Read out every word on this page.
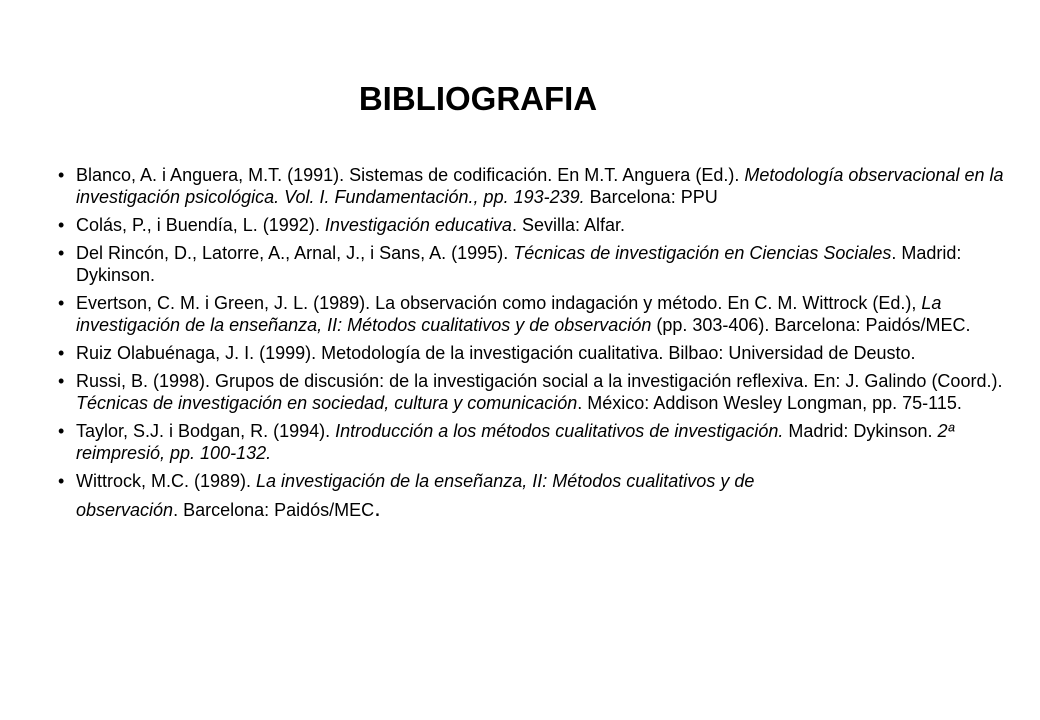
BIBLIOGRAFIA
• Blanco, A. i Anguera, M.T. (1991). Sistemas de codificación. En M.T. Anguera (Ed.). Metodología observacional en la investigación psicológica. Vol. I. Fundamentación., pp. 193-239. Barcelona: PPU
• Colás, P., i Buendía, L. (1992). Investigación educativa. Sevilla: Alfar.
• Del Rincón, D., Latorre, A., Arnal, J., i Sans, A. (1995). Técnicas de investigación en Ciencias Sociales. Madrid: Dykinson.
• Evertson, C. M. i Green, J. L. (1989). La observación como indagación y método. En C. M. Wittrock (Ed.), La investigación de la enseñanza, II: Métodos cualitativos y de observación (pp. 303-406). Barcelona: Paidós/MEC.
• Ruiz Olabuénaga, J. I. (1999). Metodología de la investigación cualitativa. Bilbao: Universidad de Deusto.
• Russi, B. (1998). Grupos de discusión: de la investigación social a la investigación reflexiva. En: J. Galindo (Coord.). Técnicas de investigación en sociedad, cultura y comunicación. México: Addison Wesley Longman, pp. 75-115.
• Taylor, S.J. i Bodgan, R. (1994). Introducción a los métodos cualitativos de investigación. Madrid: Dykinson. 2ª reimpresió, pp. 100-132.
• Wittrock, M.C. (1989). La investigación de la enseñanza, II: Métodos cualitativos y de
observación. Barcelona: Paidós/MEC.
